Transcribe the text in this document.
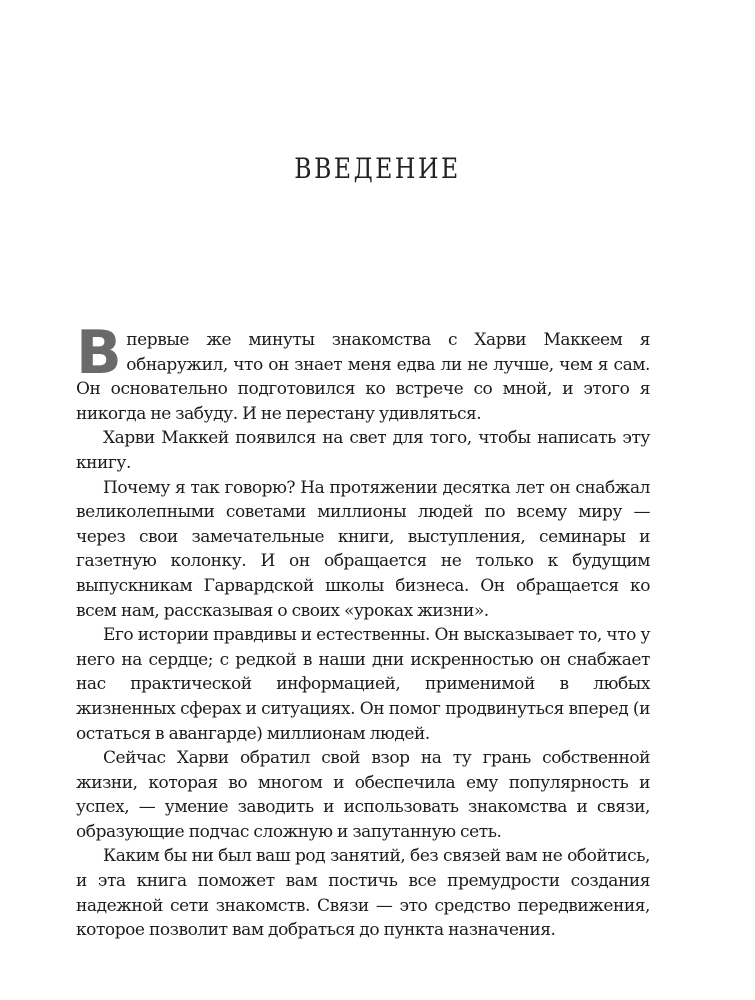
ВВЕДЕНИЕ

Впервые же минуты знакомства с Харви Маккеем я обнаружил, что он знает меня едва ли не лучше, чем я сам. Он основательно подготовился ко встрече со мной, и этого я никогда не забуду. И не перестану удивляться.

Харви Маккей появился на свет для того, чтобы написать эту книгу.

Почему я так говорю? На протяжении десятка лет он снабжал великолепными советами миллионы людей по всему миру — через свои замечательные книги, выступления, семинары и газетную колонку. И он обращается не только к будущим выпускникам Гарвардской школы бизнеса. Он обращается ко всем нам, рассказывая о своих «уроках жизни».

Его истории правдивы и естественны. Он высказывает то, что у него на сердце; с редкой в наши дни искренностью он снабжает нас практической информацией, применимой в любых жизненных сферах и ситуациях. Он помог продвинуться вперед (и остаться в авангарде) миллионам людей.

Сейчас Харви обратил свой взор на ту грань собственной жизни, которая во многом и обеспечила ему популярность и успех, — умение заводить и использовать знакомства и связи, образующие подчас сложную и запутанную сеть.

Каким бы ни был ваш род занятий, без связей вам не обойтись, и эта книга поможет вам постичь все премудрости создания надежной сети знакомств. Связи — это средство передвижения, которое позволит вам добраться до пункта назначения.
